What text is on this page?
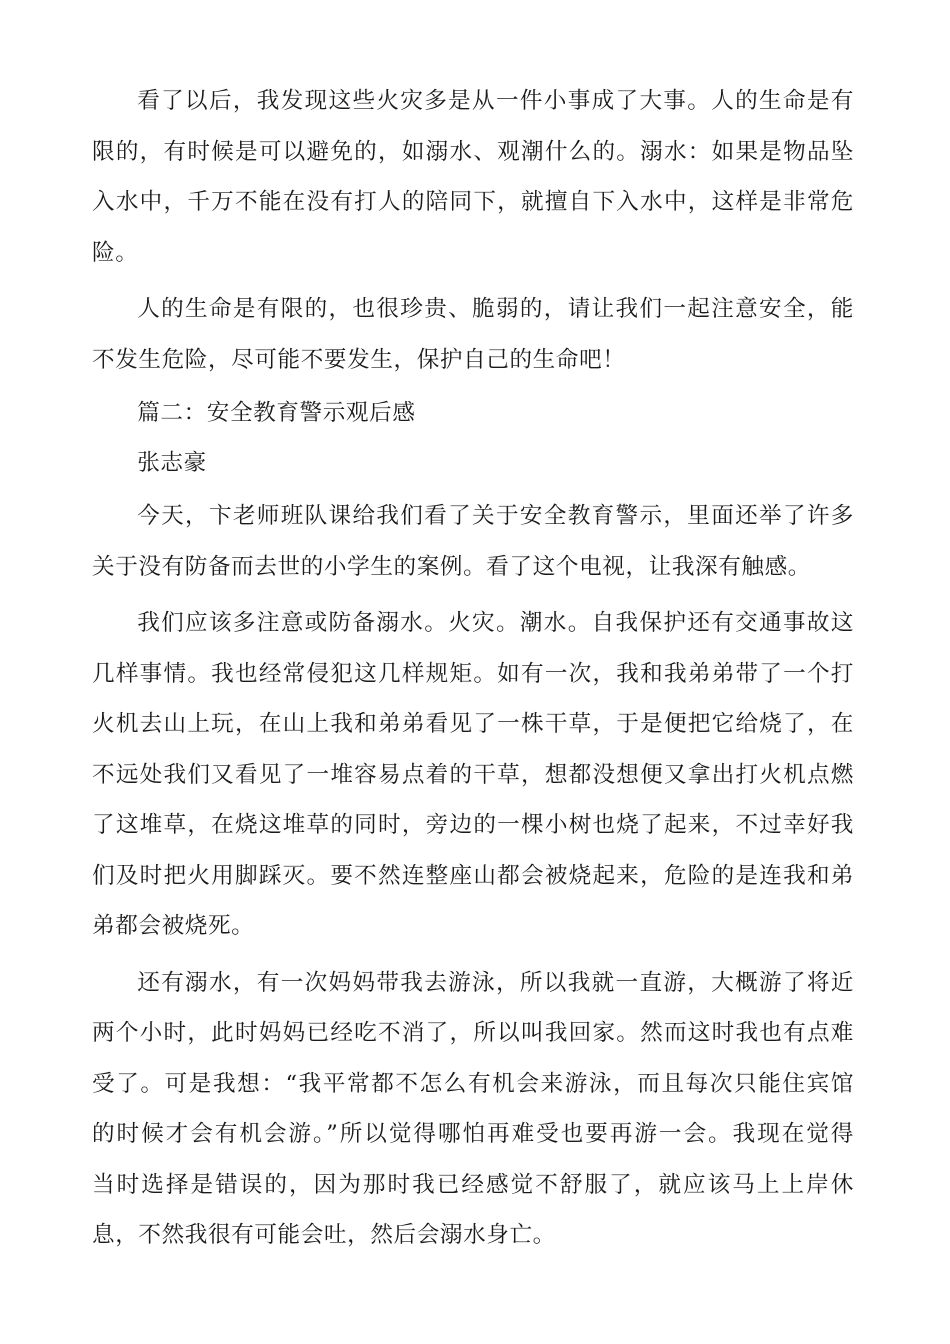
看了以后，我发现这些火灾多是从一件小事成了大事。人的生命是有
限的，有时候是可以避免的，如溺水、观潮什么的。溺水：如果是物品坠
入水中，千万不能在没有打人的陪同下，就擅自下入水中，这样是非常危
险。
人的生命是有限的，也很珍贵、脆弱的，请让我们一起注意安全，能
不发生危险，尽可能不要发生，保护自己的生命吧！
篇二：安全教育警示观后感
张志豪
今天，卞老师班队课给我们看了关于安全教育警示，里面还举了许多
关于没有防备而去世的小学生的案例。看了这个电视，让我深有触感。
我们应该多注意或防备溺水。火灾。潮水。自我保护还有交通事故这
几样事情。我也经常侵犯这几样规矩。如有一次，我和我弟弟带了一个打
火机去山上玩，在山上我和弟弟看见了一株干草，于是便把它给烧了，在
不远处我们又看见了一堆容易点着的干草，想都没想便又拿出打火机点燃
了这堆草，在烧这堆草的同时，旁边的一棵小树也烧了起来，不过幸好我
们及时把火用脚踩灭。要不然连整座山都会被烧起来，危险的是连我和弟
弟都会被烧死。
还有溺水，有一次妈妈带我去游泳，所以我就一直游，大概游了将近
两个小时，此时妈妈已经吃不消了，所以叫我回家。然而这时我也有点难
受了。可是我想：“我平常都不怎么有机会来游泳，而且每次只能住宾馆
的时候才会有机会游。”所以觉得哪怕再难受也要再游一会。我现在觉得
当时选择是错误的，因为那时我已经感觉不舒服了，就应该马上上岸休
息，不然我很有可能会吐，然后会溺水身亡。
